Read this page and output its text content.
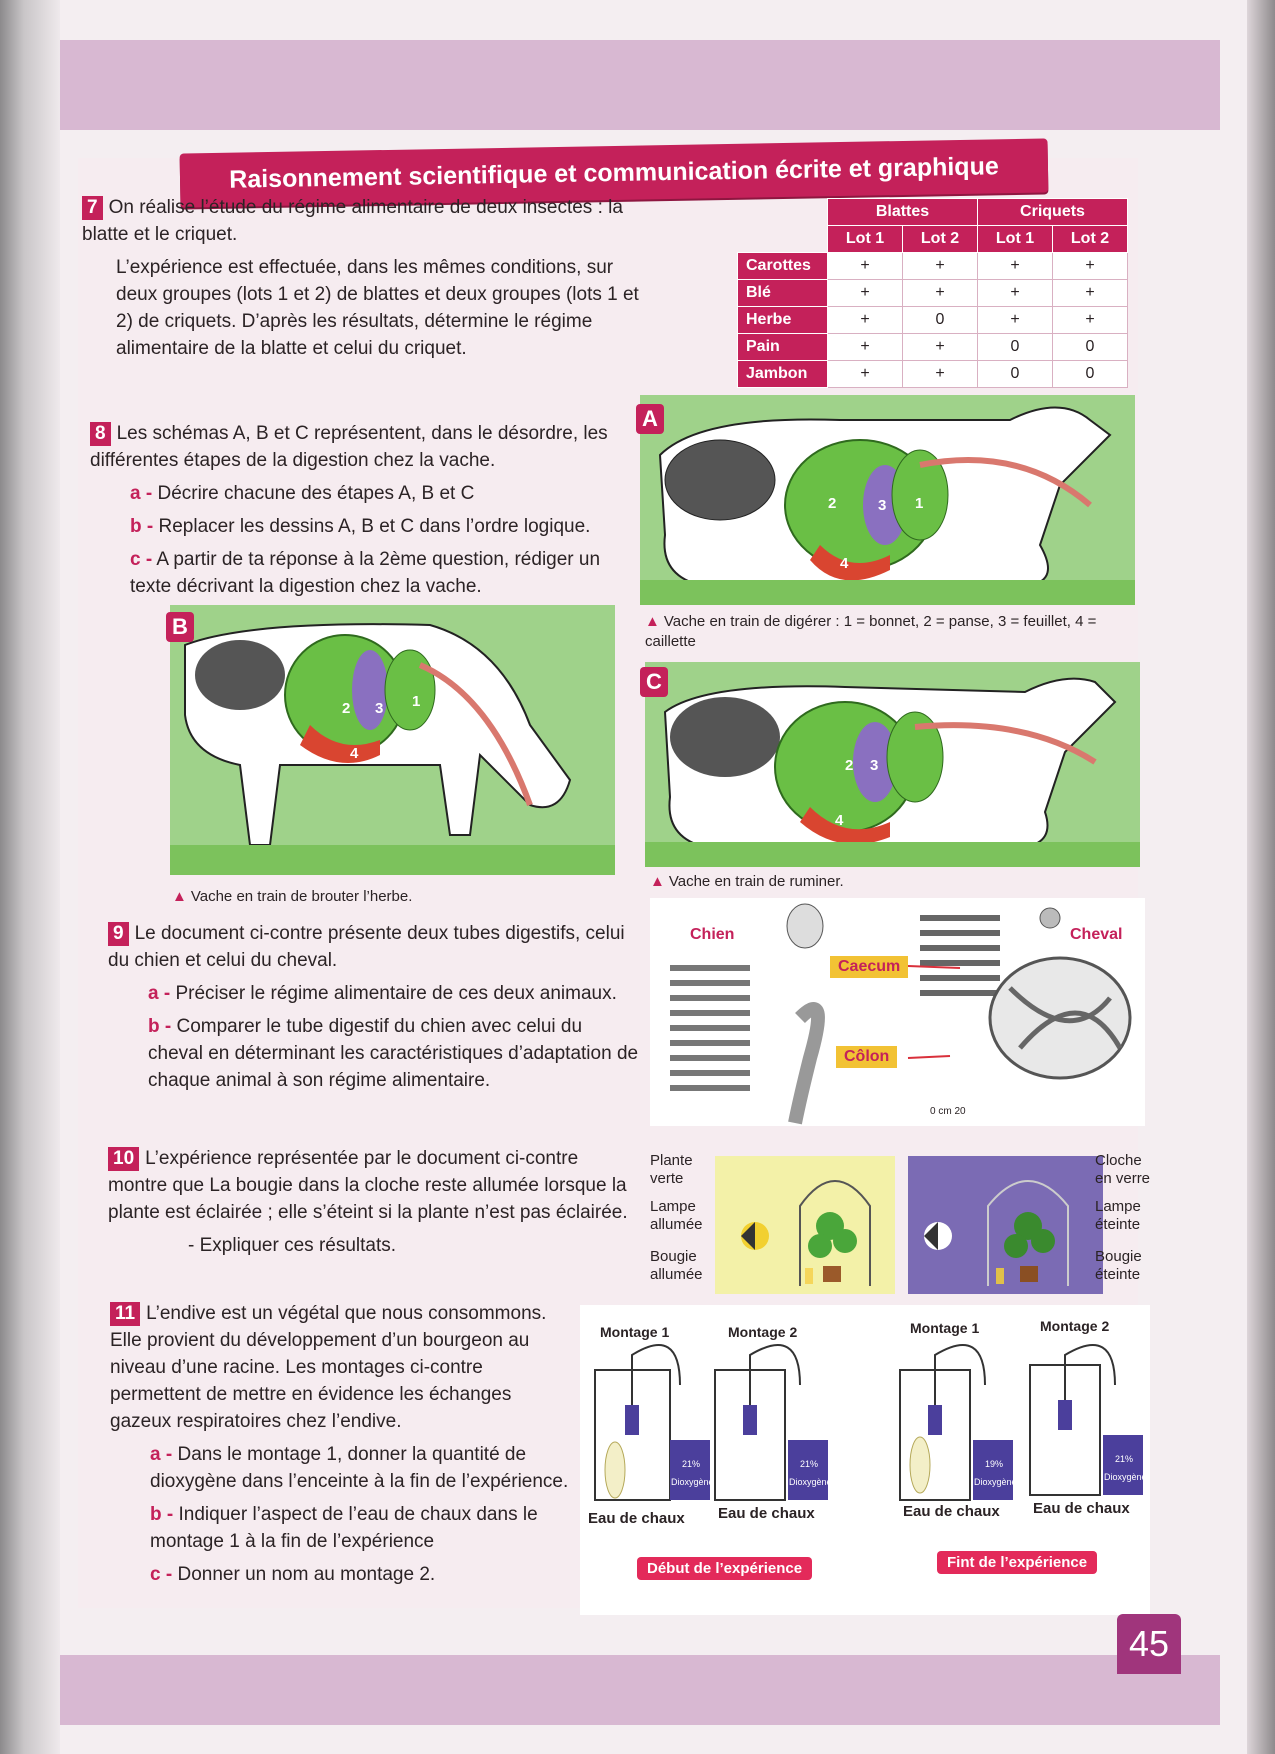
Raisonnement scientifique et communication écrite et graphique

7 On réalise l’étude du régime alimentaire de deux insectes : la blatte et le criquet.

L’expérience est effectuée, dans les mêmes conditions, sur deux groupes (lots 1 et 2) de blattes et deux groupes (lots 1 et 2) de criquets. D’après les résultats, détermine le régime alimentaire de la blatte et celui du criquet.

	Blattes		Criquets	
	Lot 1	Lot 2	Lot 1	Lot 2
Carottes	+	+	+	+
Blé	+	+	+	+
Herbe	+	0	+	+
Pain	+	+	0	0
Jambon	+	+	0	0

8 Les schémas A, B et C représentent, dans le désordre, les différentes étapes de la digestion chez la vache.

a - Décrire chacune des étapes A, B et C

b - Replacer les dessins A, B et C dans l’ordre logique.

c - A partir de ta réponse à la 2ème question, rédiger un texte décrivant la digestion chez la vache.

2	3 1
4
A
▲ Vache en train de digérer : 1 = bonnet, 2 = panse, 3 = feuillet, 4 = caillette
2 3 1
4
B
▲ Vache en train de brouter l’herbe.
2 3
4
C
▲ Vache en train de ruminer.

9 Le document ci-contre présente deux tubes digestifs, celui du chien et celui du cheval.

a - Préciser le régime alimentaire de ces deux animaux.

b - Comparer le tube digestif du chien avec celui du cheval en déterminant les caractéristiques d’adaptation de chaque animal à son régime alimentaire.

Chien	Cheval
Caecum
Côlon
0 cm 20

10 L’expérience représentée par le document ci-contre montre que La bougie dans la cloche reste allumée lorsque la plante est éclairée ; elle s’éteint si la plante n’est pas éclairée.

- Expliquer ces résultats.

Plante verte
Lampe allumée
Bougie allumée
Cloche en verre
Lampe éteinte
Bougie éteinte

11 L’endive est un végétal que nous consommons. Elle provient du développement d’un bourgeon au niveau d’une racine. Les montages ci-contre permettent de mettre en évidence les échanges gazeux respiratoires chez l’endive.

a - Dans le montage 1, donner la quantité de dioxygène dans l’enceinte à la fin de l’expérience.

b - Indiquer l’aspect de l’eau de chaux dans le montage 1 à la fin de l’expérience

c - Donner un nom au montage 2.

Montage 1	Montage 2	Montage 1	Montage 2
21% Dioxygène
21% Dioxygène
19% Dioxygène
21% Dioxygène
Eau de chaux Eau de chaux	Eau de chaux Eau de chaux
Début de l’expérience	Fint de l’expérience
45
